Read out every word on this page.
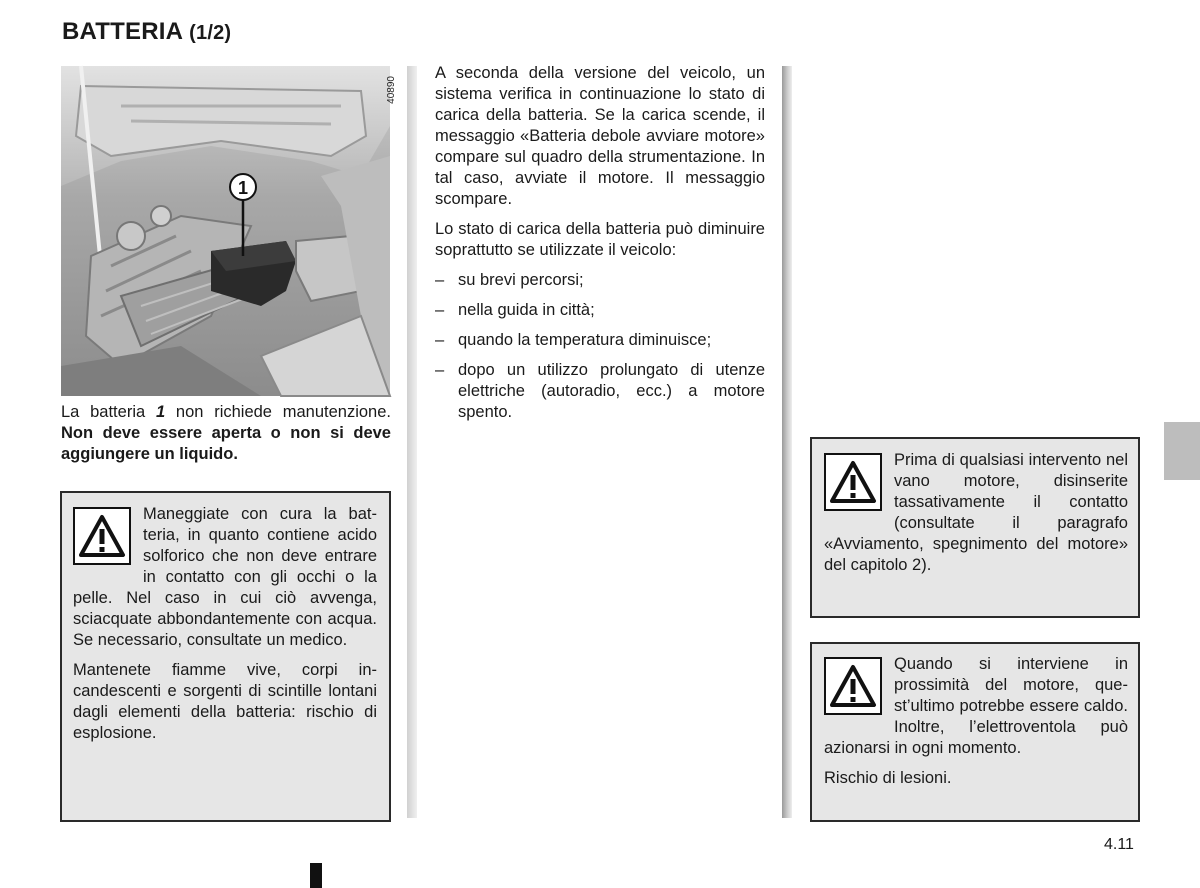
BATTERIA (1/2)
1
40890
La batteria 1 non richiede manutenzione. Non deve essere aperta o non si deve aggiungere un liquido.

A seconda della versione del veicolo, un sistema verifica in continuazione lo stato di carica della batteria. Se la carica scende, il messaggio «Batteria debole avviare motore» compare sul quadro della strumentazione. In tal caso, avviate il motore. Il messaggio scompare.

Lo stato di carica della batteria può diminuire soprattutto se utilizzate il veicolo:

– su brevi percorsi;
– nella guida in città;
– quando la temperatura diminuisce;
– dopo un utilizzo prolungato di utenze elettriche (autoradio, ecc.) a motore spento.

Maneggiate con cura la batteria, in quanto contiene acido solforico che non deve entrare in contatto con gli occhi o la pelle. Nel caso in cui ciò avvenga, sciacquate abbondantemente con acqua. Se necessario, consultate un medico.

Mantenete fiamme vive, corpi incandescenti e sorgenti di scintille lontani dagli elementi della batteria: rischio di esplosione.

Prima di qualsiasi intervento nel vano motore, disinserite tassativamente il contatto (consultate il paragrafo «Avviamento, spegnimento del motore» del capitolo 2).

Quando si interviene in prossimità del motore, quest’ultimo potrebbe essere caldo. Inoltre, l’elettroventola può azionarsi in ogni momento.

Rischio di lesioni.

4.11
